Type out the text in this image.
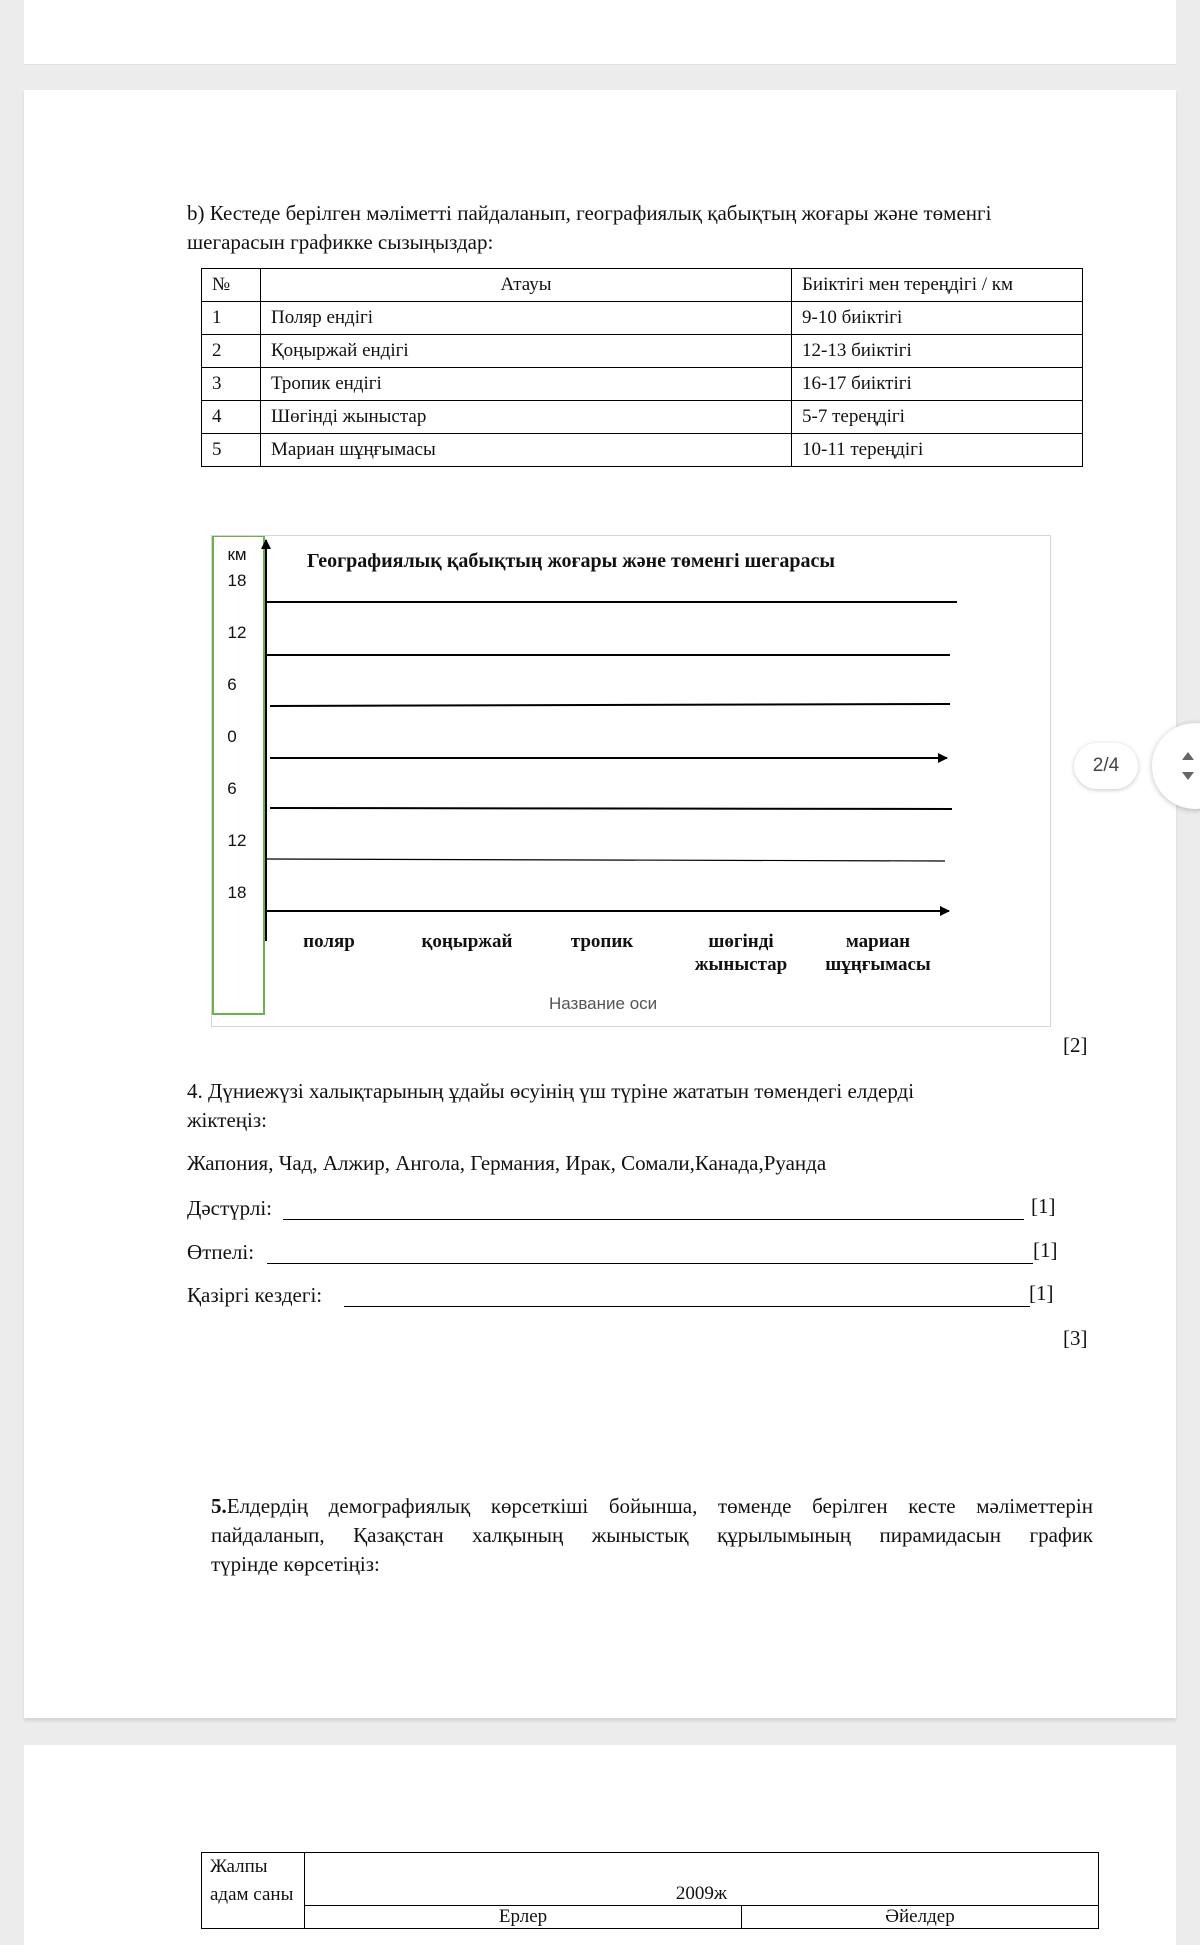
b) Кестеде берілген мәліметті пайдаланып, географиялық қабықтың жоғары және төменгі
шегарасын графикке сызыңыздар:
№	Атауы	Биіктігі мен тереңдігі / км
1	Поляр ендігі	9-10 биіктігі
2	Қоңыржай ендігі	12-13 биіктігі
3	Тропик ендігі	16-17 биіктігі
4	Шөгінді жыныстар	5-7 тереңдігі
5	Мариан шұңғымасы	10-11 тереңдігі
км
18
12
6
0
6
12
18
Географиялық қабықтың жоғары және төменгі шегарасы
поляр	қоңыржай	тропик	шөгінді
жыныстар
мариан
шұңғымасы
Название оси
[2]
4. Дүниежүзі халықтарының ұдайы өсуінің үш түріне жататын төмендегі елдерді
жіктеңіз:
Жапония, Чад, Алжир, Ангола, Германия, Ирак, Сомали,Канада,Руанда
Дәстүрлі:	[1]
Өтпелі:	[1]
Қазіргі кездегі:	[1]
[3]
5.Елдердің демографиялық көрсеткіші бойынша, төменде берілген кесте мәліметтерін
пайдаланып, Қазақстан халқының жыныстық құрылымының пирамидасын график
түрінде көрсетіңіз:
Жалпы адам саны	2009ж	
	Ерлер	Әйелдер
2/4
